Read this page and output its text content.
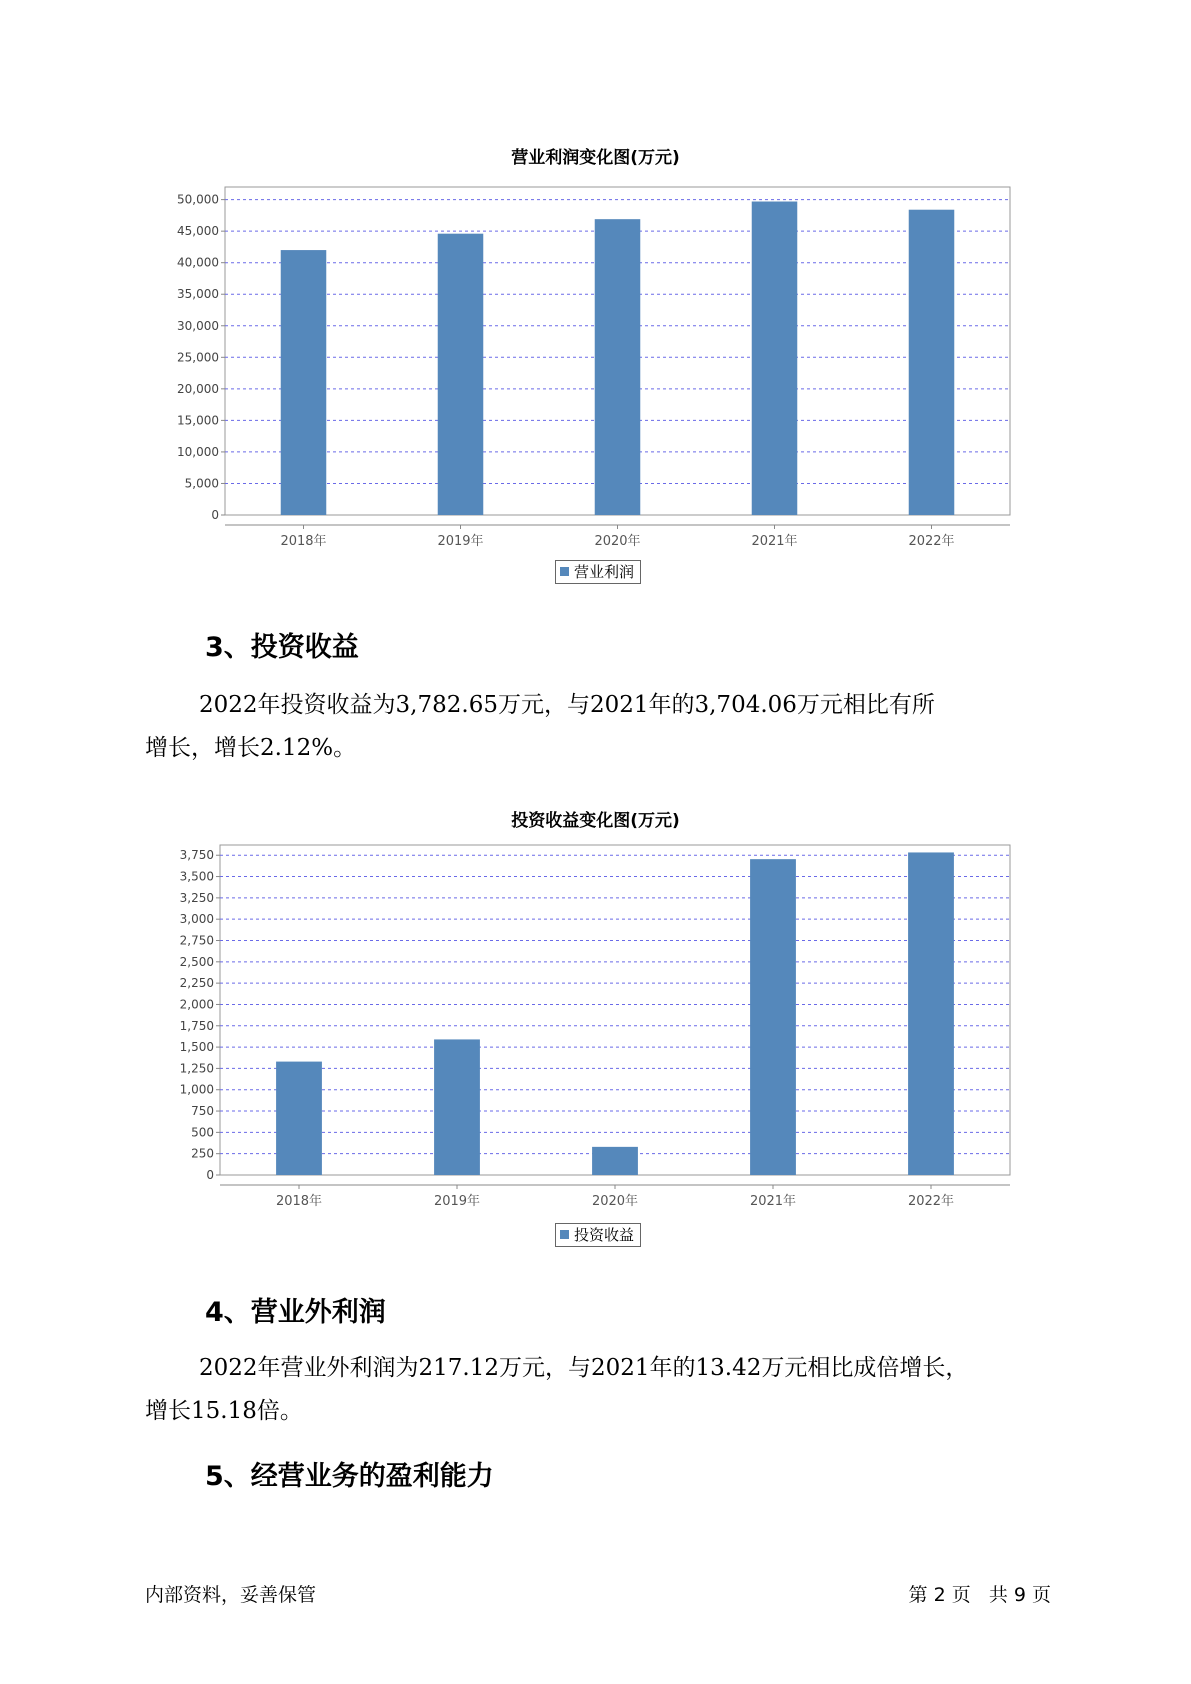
营业利润变化图(万元)
0
5,000
10,000
15,000
20,000
25,000
30,000
35,000
40,000
45,000
50,000
2018年	2019年	2020年	2021年	2022年
营业利润
3、投资收益

2022年投资收益为3,782.65万元，与2021年的3,704.06万元相比有所

增长，增长2.12%。

投资收益变化图(万元)
0
250
500
750
1,000
1,250
1,500
1,750
2,000
2,250
2,500
2,750
3,000
3,250
3,500
3,750
2018年	2019年	2020年	2021年	2022年
投资收益
4、营业外利润

2022年营业外利润为217.12万元，与2021年的13.42万元相比成倍增长，

增长15.18倍。

5、经营业务的盈利能力
内部资料，妥善保管	第 2 页   共 9 页
